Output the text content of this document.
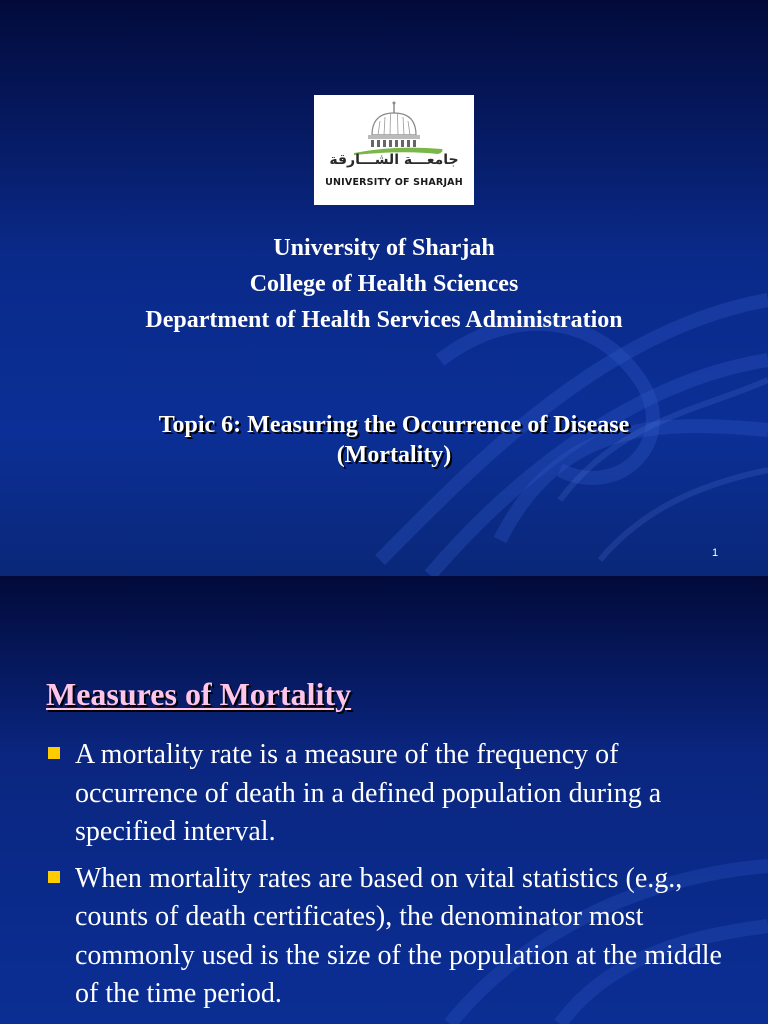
جامعـــة الشـــارقة
UNIVERSITY OF SHARJAH
University of Sharjah
College of Health Sciences
Department of Health Services Administration
Topic 6: Measuring the Occurrence of Disease
(Mortality)
1
Measures of Mortality
A mortality rate is a measure of the frequency of occurrence of death in a defined population during a specified interval.
When mortality rates are based on vital statistics (e.g., counts of death certificates), the denominator most commonly used is the size of the population at the middle of the time period.
